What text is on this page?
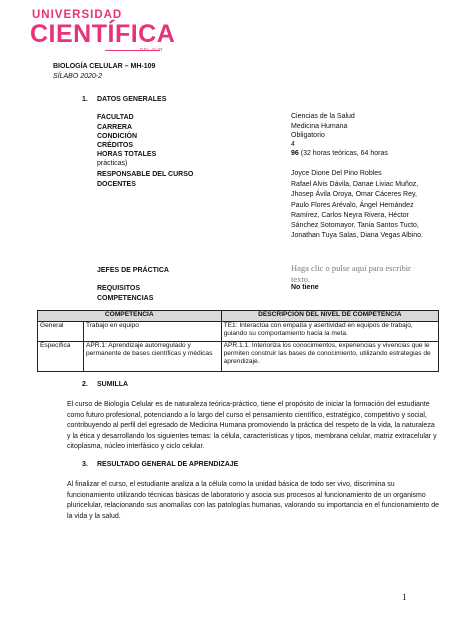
UNIVERSIDAD
CIENTÍFICA
DEL SUR
BIOLOGÍA CELULAR – MH-109
SÍLABO 2020-2
1. DATOS GENERALES
FACULTAD	Ciencias de la Salud
CARRERA	Medicina Humana
CONDICIÓN	Obligatorio
CRÉDITOS	4
HORAS TOTALES	96 (32 horas teóricas, 64 horas
prácticas)
RESPONSABLE DEL CURSO	Joyce Dione Del Pino Robles
DOCENTES	Rafael Alvis Dávila, Danae Liviac Muñoz, Jhosep Ávila Oroya, Omar Cáceres Rey, Paulo Flores Arévalo, Ángel Hernández Ramírez, Carlos Neyra Rivera, Héctor Sánchez Sotomayor, Tania Santos Tucto, Jonathan Tuya Salas, Diana Vegas Albino.
JEFES DE PRÁCTICA	Haga clic o pulse aquí para escribir texto.
REQUISITOS	No tiene
COMPETENCIAS
COMPETENCIA		DESCRIPCIÓN DEL NIVEL DE COMPETENCIA
General	Trabajo en equipo	TE1: Interactúa con empatía y asertividad en equipos de trabajo, guiando su comportamiento hacia la meta.
Específica	APR.1: Aprendizaje autorregulado y permanente de bases científicas y médicas	APR.1.1. Interioriza los conocimientos, experiencias y vivencias que le permiten construir las bases de conocimiento, utilizando estrategias de aprendizaje.
2. SUMILLA
El curso de Biología Celular es de naturaleza teórica-práctico, tiene el propósito de iniciar la formación del estudiante como futuro profesional, potenciando a lo largo del curso el pensamiento científico, estratégico, competitivo y social, contribuyendo al perfil del egresado de Medicina Humana promoviendo la práctica del respeto de la vida, la naturaleza y la ética y desarrollando los siguientes temas: la célula, características y tipos, membrana celular, matriz extracelular y citoplasma, núcleo interfásico y ciclo celular.
3. RESULTADO GENERAL DE APRENDIZAJE
Al finalizar el curso, el estudiante analiza a la célula como la unidad básica de todo ser vivo, discrimina su funcionamiento utilizando técnicas básicas de laboratorio y asocia sus procesos al funcionamiento de un organismo pluricelular, relacionando sus anomalías con las patologías humanas, valorando su importancia en el funcionamiento de la vida y la salud.
1
